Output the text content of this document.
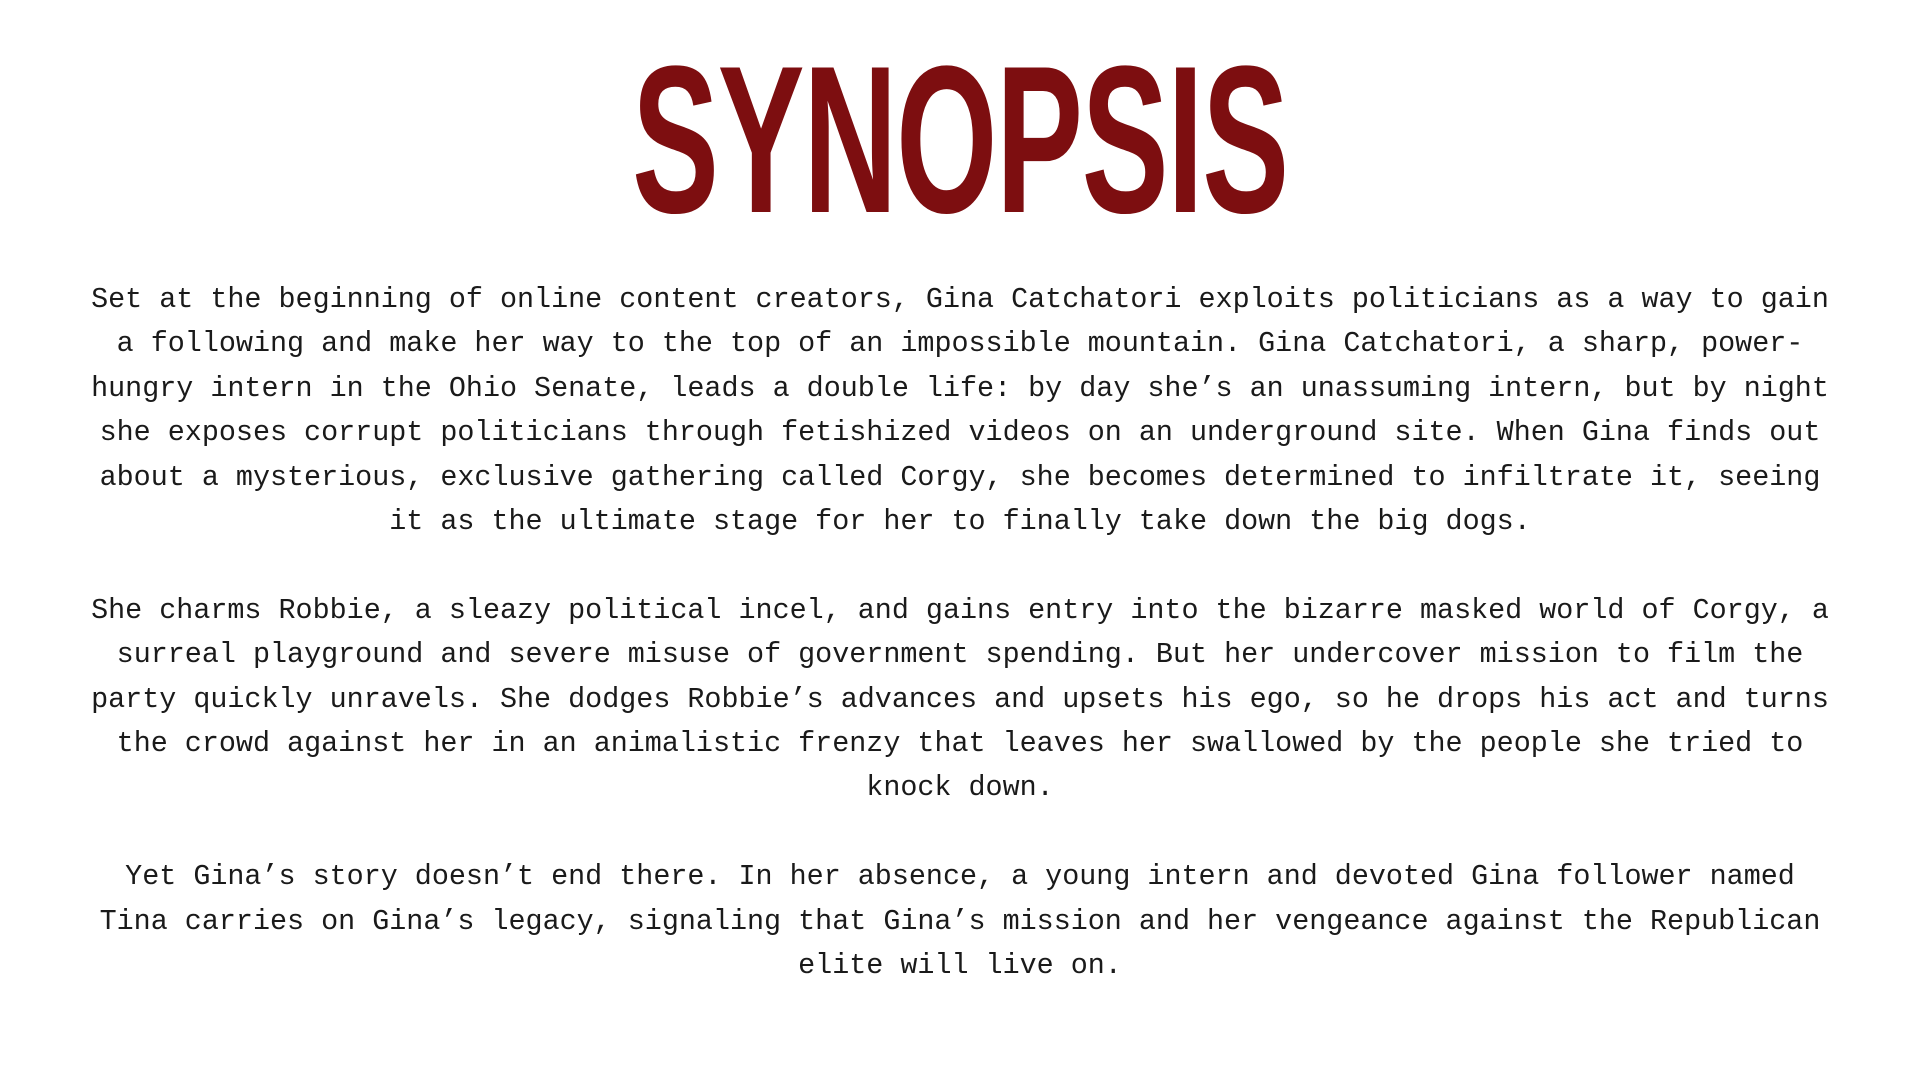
SYNOPSIS

Set at the beginning of online content creators, Gina Catchatori exploits politicians as a way to gain a following and make her way to the top of an impossible mountain. Gina Catchatori, a sharp, power-hungry intern in the Ohio Senate, leads a double life: by day she’s an unassuming intern, but by night she exposes corrupt politicians through fetishized videos on an underground site. When Gina finds out about a mysterious, exclusive gathering called Corgy, she becomes determined to infiltrate it, seeing it as the ultimate stage for her to finally take down the big dogs.

She charms Robbie, a sleazy political incel, and gains entry into the bizarre masked world of Corgy, a surreal playground and severe misuse of government spending. But her undercover mission to film the party quickly unravels. She dodges Robbie’s advances and upsets his ego, so he drops his act and turns the crowd against her in an animalistic frenzy that leaves her swallowed by the people she tried to knock down.

Yet Gina’s story doesn’t end there. In her absence, a young intern and devoted Gina follower named Tina carries on Gina’s legacy, signaling that Gina’s mission and her vengeance against the Republican elite will live on.
